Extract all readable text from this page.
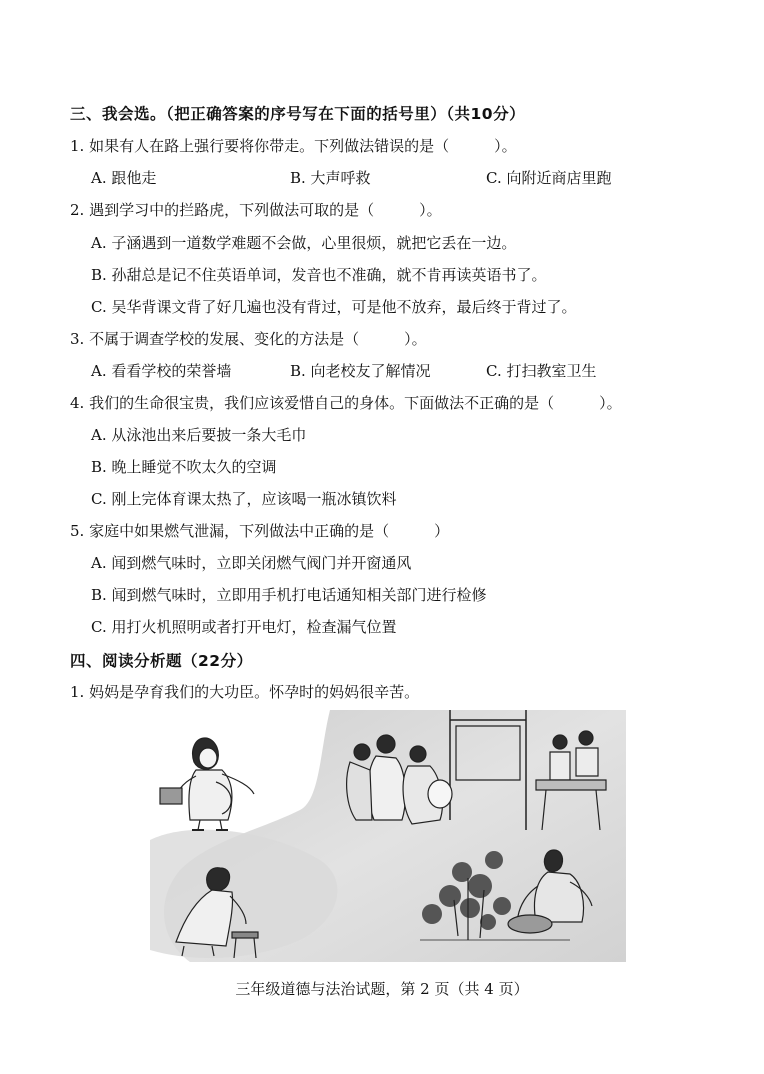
三、我会选。（把正确答案的序号写在下面的括号里）（共10分）
1. 如果有人在路上强行要将你带走。下列做法错误的是（　　　）。
A. 跟他走	B. 大声呼救	C. 向附近商店里跑
2. 遇到学习中的拦路虎，下列做法可取的是（　　　）。
A. 子涵遇到一道数学难题不会做，心里很烦，就把它丢在一边。
B. 孙甜总是记不住英语单词，发音也不准确，就不肯再读英语书了。
C. 吴华背课文背了好几遍也没有背过，可是他不放弃，最后终于背过了。
3. 不属于调查学校的发展、变化的方法是（　　　）。
A. 看看学校的荣誉墙	B. 向老校友了解情况	C. 打扫教室卫生
4. 我们的生命很宝贵，我们应该爱惜自己的身体。下面做法不正确的是（　　　）。
A. 从泳池出来后要披一条大毛巾
B. 晚上睡觉不吹太久的空调
C. 刚上完体育课太热了，应该喝一瓶冰镇饮料
5. 家庭中如果燃气泄漏，下列做法中正确的是（　　　）
A. 闻到燃气味时，立即关闭燃气阀门并开窗通风
B. 闻到燃气味时，立即用手机打电话通知相关部门进行检修
C. 用打火机照明或者打开电灯，检查漏气位置
四、阅读分析题（22分）
1. 妈妈是孕育我们的大功臣。怀孕时的妈妈很辛苦。
三年级道德与法治试题，第 2 页（共 4 页）
